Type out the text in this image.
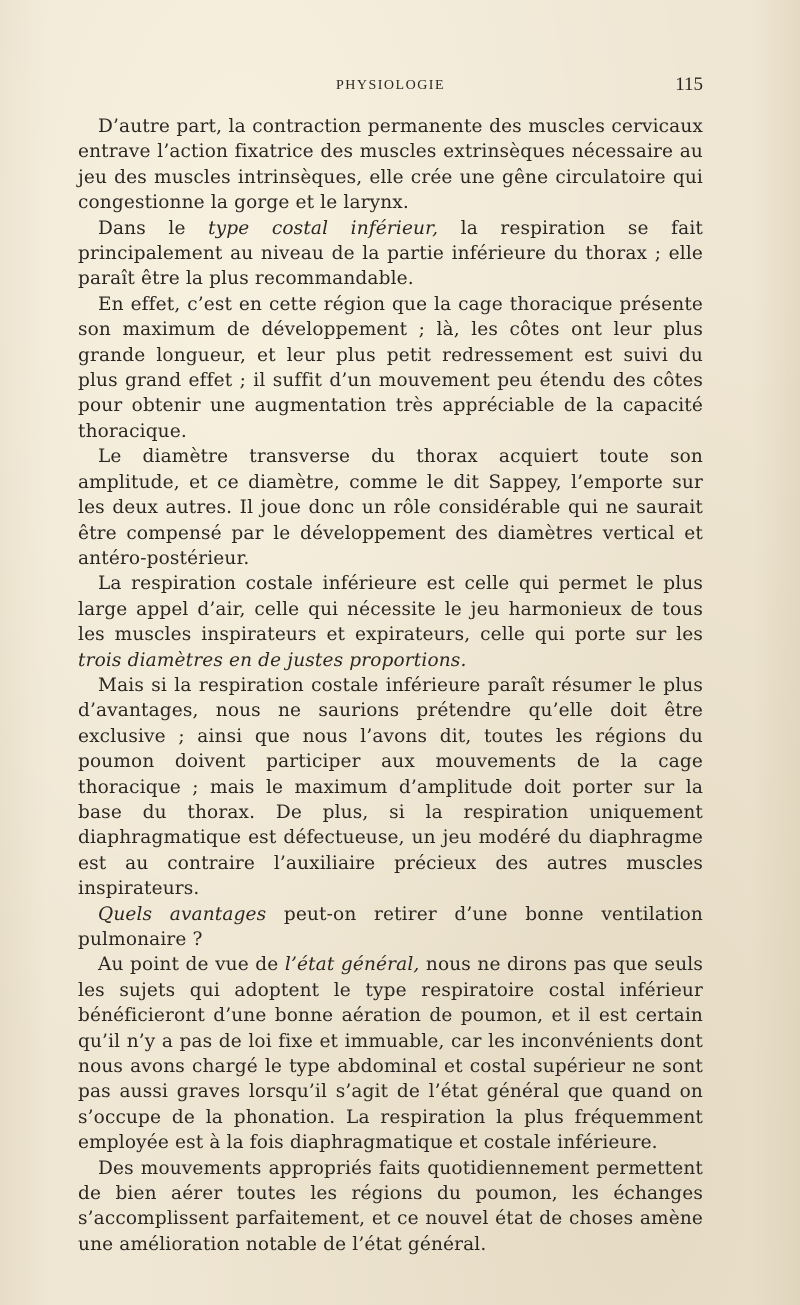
PHYSIOLOGIE	115

D’autre part, la contraction permanente des muscles cervicaux entrave l’action fixatrice des muscles extrinsèques nécessaire au jeu des muscles intrinsèques, elle crée une gêne circulatoire qui congestionne la gorge et le larynx.

Dans le type costal inférieur, la respiration se fait principalement au niveau de la partie inférieure du thorax ; elle paraît être la plus recommandable.

En effet, c’est en cette région que la cage thoracique présente son maximum de développement ; là, les côtes ont leur plus grande longueur, et leur plus petit redressement est suivi du plus grand effet ; il suffit d’un mouvement peu étendu des côtes pour obtenir une augmentation très appréciable de la capacité thoracique.

Le diamètre transverse du thorax acquiert toute son amplitude, et ce diamètre, comme le dit Sappey, l’emporte sur les deux autres. Il joue donc un rôle considérable qui ne saurait être compensé par le développement des diamètres vertical et antéro-postérieur.

La respiration costale inférieure est celle qui permet le plus large appel d’air, celle qui nécessite le jeu harmonieux de tous les muscles inspirateurs et expirateurs, celle qui porte sur les trois diamètres en de justes proportions.

Mais si la respiration costale inférieure paraît résumer le plus d’avantages, nous ne saurions prétendre qu’elle doit être exclusive ; ainsi que nous l’avons dit, toutes les régions du poumon doivent participer aux mouvements de la cage thoracique ; mais le maximum d’amplitude doit porter sur la base du thorax. De plus, si la respiration uniquement diaphragmatique est défectueuse, un jeu modéré du diaphragme est au contraire l’auxiliaire précieux des autres muscles inspirateurs.

Quels avantages peut-on retirer d’une bonne ventilation pulmonaire ?

Au point de vue de l’état général, nous ne dirons pas que seuls les sujets qui adoptent le type respiratoire costal inférieur bénéficieront d’une bonne aération de poumon, et il est certain qu’il n’y a pas de loi fixe et immuable, car les inconvénients dont nous avons chargé le type abdominal et costal supérieur ne sont pas aussi graves lorsqu’il s’agit de l’état général que quand on s’occupe de la phonation. La respiration la plus fréquemment employée est à la fois diaphragmatique et costale inférieure.

Des mouvements appropriés faits quotidiennement permettent de bien aérer toutes les régions du poumon, les échanges s’accomplissent parfaitement, et ce nouvel état de choses amène une amélioration notable de l’état général.
